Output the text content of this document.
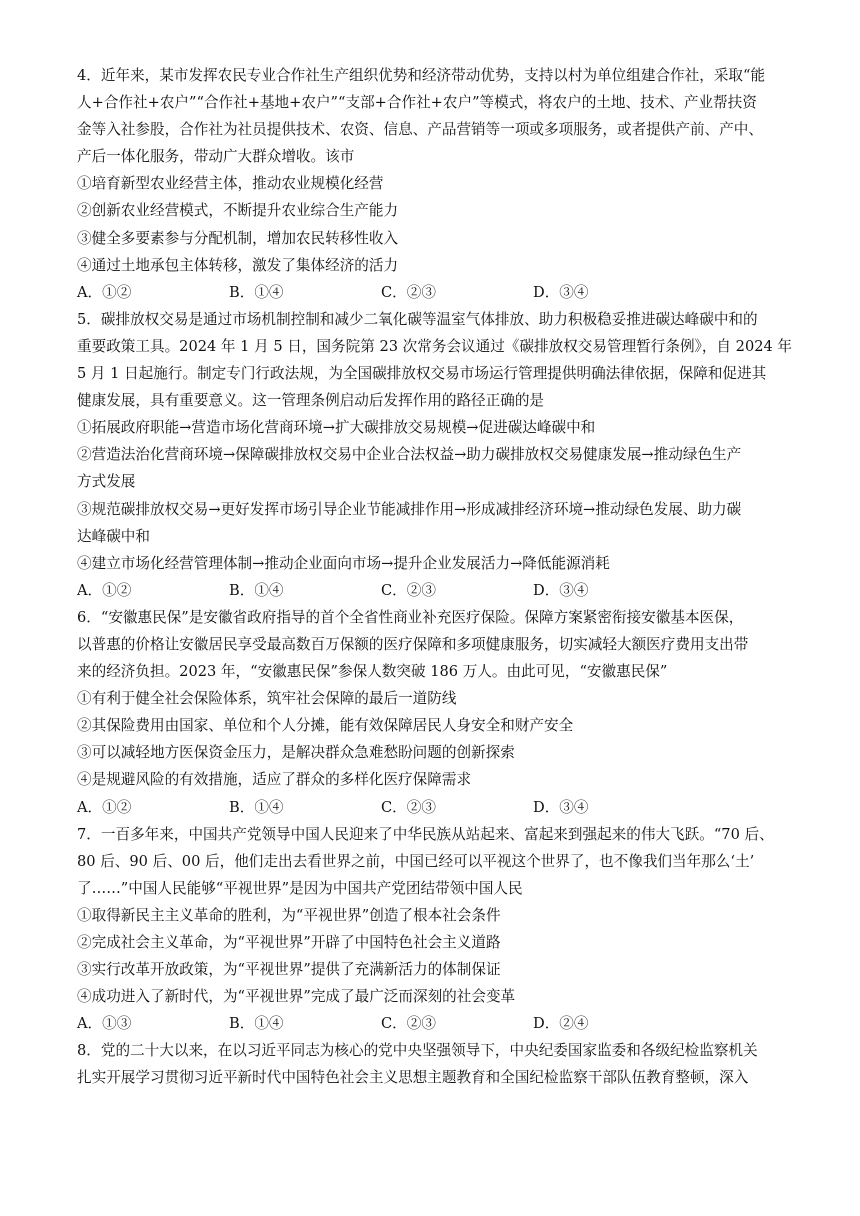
4．近年来，某市发挥农民专业合作社生产组织优势和经济带动优势，支持以村为单位组建合作社，采取“能
人+合作社+农户”“合作社+基地+农户”“支部+合作社+农户”等模式，将农户的土地、技术、产业帮扶资
金等入社参股，合作社为社员提供技术、农资、信息、产品营销等一项或多项服务，或者提供产前、产中、
产后一体化服务，带动广大群众增收。该市
①培育新型农业经营主体，推动农业规模化经营
②创新农业经营模式，不断提升农业综合生产能力
③健全多要素参与分配机制，增加农民转移性收入
④通过土地承包主体转移，激发了集体经济的活力
A．①②	B．①④	C．②③	D．③④
5．碳排放权交易是通过市场机制控制和减少二氧化碳等温室气体排放、助力积极稳妥推进碳达峰碳中和的
重要政策工具。2024 年 1 月 5 日，国务院第 23 次常务会议通过《碳排放权交易管理暂行条例》，自 2024 年
5 月 1 日起施行。制定专门行政法规，为全国碳排放权交易市场运行管理提供明确法律依据，保障和促进其
健康发展，具有重要意义。这一管理条例启动后发挥作用的路径正确的是
①拓展政府职能→营造市场化营商环境→扩大碳排放交易规模→促进碳达峰碳中和
②营造法治化营商环境→保障碳排放权交易中企业合法权益→助力碳排放权交易健康发展→推动绿色生产
方式发展
③规范碳排放权交易→更好发挥市场引导企业节能减排作用→形成减排经济环境→推动绿色发展、助力碳
达峰碳中和
④建立市场化经营管理体制→推动企业面向市场→提升企业发展活力→降低能源消耗
A．①②	B．①④	C．②③	D．③④
6．“安徽惠民保”是安徽省政府指导的首个全省性商业补充医疗保险。保障方案紧密衔接安徽基本医保，
以普惠的价格让安徽居民享受最高数百万保额的医疗保障和多项健康服务，切实减轻大额医疗费用支出带
来的经济负担。2023 年，“安徽惠民保”参保人数突破 186 万人。由此可见，“安徽惠民保”
①有利于健全社会保险体系，筑牢社会保障的最后一道防线
②其保险费用由国家、单位和个人分摊，能有效保障居民人身安全和财产安全
③可以减轻地方医保资金压力，是解决群众急难愁盼问题的创新探索
④是规避风险的有效措施，适应了群众的多样化医疗保障需求
A．①②	B．①④	C．②③	D．③④
7．一百多年来，中国共产党领导中国人民迎来了中华民族从站起来、富起来到强起来的伟大飞跃。“70 后、
80 后、90 后、00 后，他们走出去看世界之前，中国已经可以平视这个世界了，也不像我们当年那么‘土’
了……”中国人民能够“平视世界”是因为中国共产党团结带领中国人民
①取得新民主主义革命的胜利，为“平视世界”创造了根本社会条件
②完成社会主义革命，为“平视世界”开辟了中国特色社会主义道路
③实行改革开放政策，为“平视世界”提供了充满新活力的体制保证
④成功进入了新时代，为“平视世界”完成了最广泛而深刻的社会变革
A．①③	B．①④	C．②③	D．②④
8．党的二十大以来，在以习近平同志为核心的党中央坚强领导下，中央纪委国家监委和各级纪检监察机关
扎实开展学习贯彻习近平新时代中国特色社会主义思想主题教育和全国纪检监察干部队伍教育整顿，深入
